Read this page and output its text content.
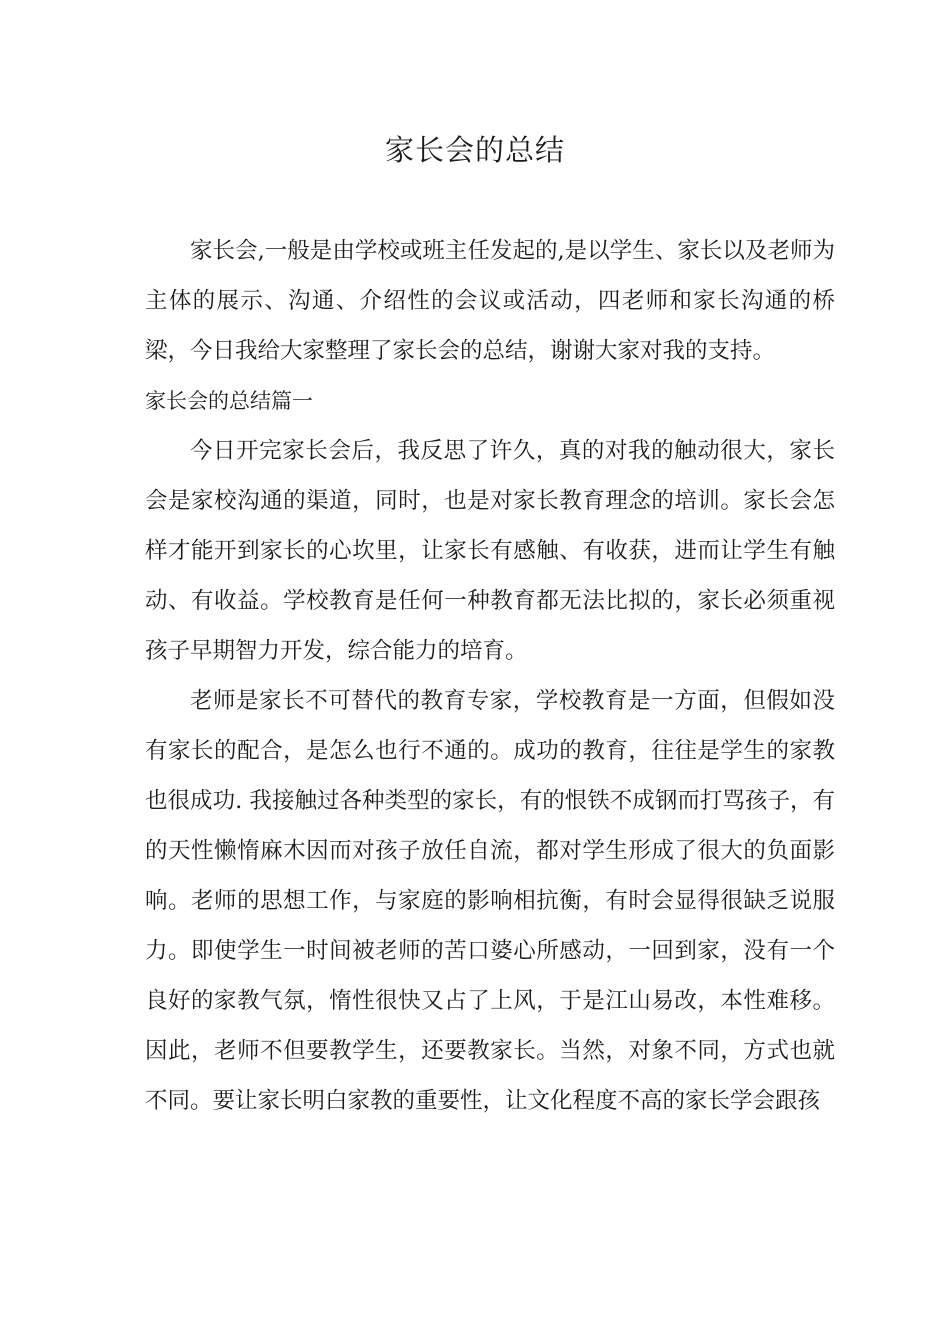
家长会的总结

家长会,一般是由学校或班主任发起的,是以学生、家长以及老师为主体的展示、沟通、介绍性的会议或活动，四老师和家长沟通的桥梁，今日我给大家整理了家长会的总结，谢谢大家对我的支持。

家长会的总结篇一

今日开完家长会后，我反思了许久，真的对我的触动很大，家长会是家校沟通的渠道，同时，也是对家长教育理念的培训。家长会怎样才能开到家长的心坎里，让家长有感触、有收获，进而让学生有触动、有收益。学校教育是任何一种教育都无法比拟的，家长必须重视孩子早期智力开发，综合能力的培育。

老师是家长不可替代的教育专家，学校教育是一方面，但假如没有家长的配合，是怎么也行不通的。成功的教育，往往是学生的家教也很成功. 我接触过各种类型的家长，有的恨铁不成钢而打骂孩子，有的天性懒惰麻木因而对孩子放任自流，都对学生形成了很大的负面影响。老师的思想工作，与家庭的影响相抗衡，有时会显得很缺乏说服力。即使学生一时间被老师的苦口婆心所感动，一回到家，没有一个良好的家教气氛，惰性很快又占了上风，于是江山易改，本性难移。因此，老师不但要教学生，还要教家长。当然，对象不同，方式也就不同。要让家长明白家教的重要性，让文化程度不高的家长学会跟孩
